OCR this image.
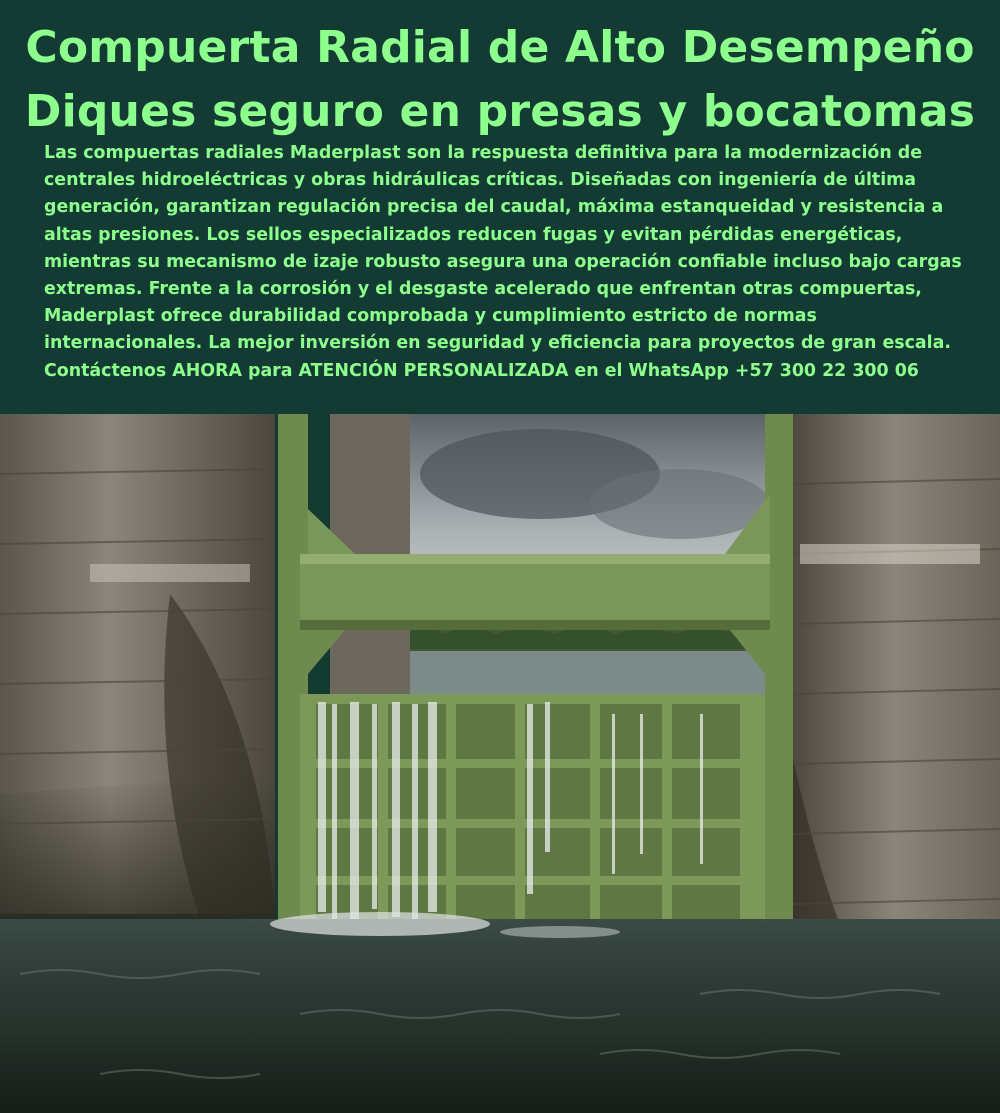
Compuerta Radial de Alto Desempeño
Diques seguro en presas y bocatomas
Las compuertas radiales Maderplast son la respuesta definitiva para la modernización de
centrales hidroeléctricas y obras hidráulicas críticas. Diseñadas con ingeniería de última
generación, garantizan regulación precisa del caudal, máxima estanqueidad y resistencia a
altas presiones. Los sellos especializados reducen fugas y evitan pérdidas energéticas,
mientras su mecanismo de izaje robusto asegura una operación confiable incluso bajo cargas
extremas. Frente a la corrosión y el desgaste acelerado que enfrentan otras compuertas,
Maderplast ofrece durabilidad comprobada y cumplimiento estricto de normas
internacionales. La mejor inversión en seguridad y eficiencia para proyectos de gran escala.
Contáctenos AHORA para ATENCIÓN PERSONALIZADA en el WhatsApp +57 300 22 300 06
